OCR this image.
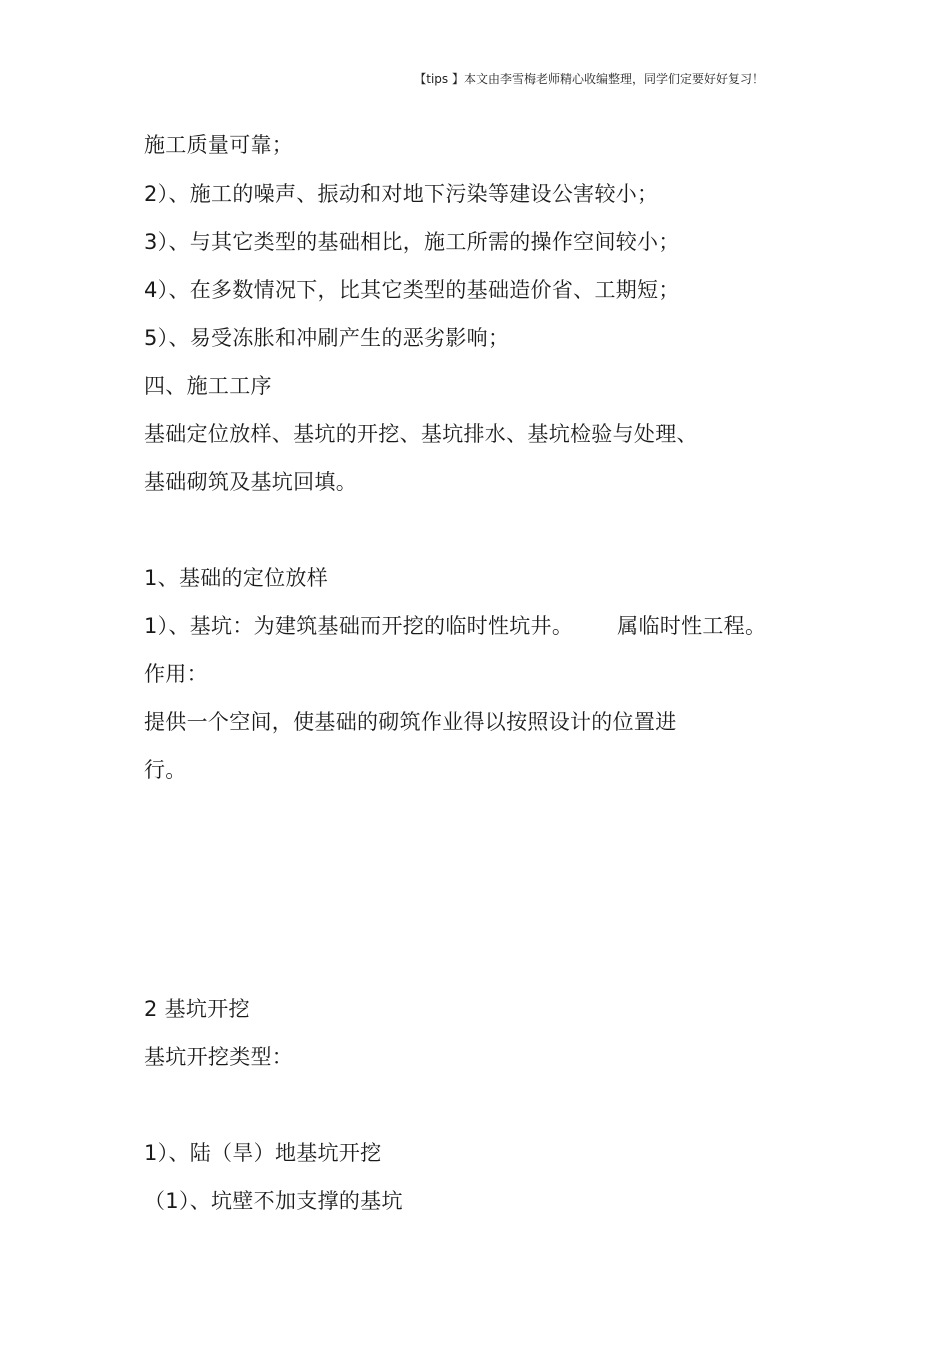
【tips 】本文由李雪梅老师精心收编整理，同学们定要好好复习！
施工质量可靠；
2）、施工的噪声、振动和对地下污染等建设公害较小；
3）、与其它类型的基础相比，施工所需的操作空间较小；
4）、在多数情况下，比其它类型的基础造价省、工期短；
5）、易受冻胀和冲刷产生的恶劣影响；
四、施工工序
基础定位放样、基坑的开挖、基坑排水、基坑检验与处理、
基础砌筑及基坑回填。
1、基础的定位放样
1）、基坑：为建筑基础而开挖的临时性坑井。 属临时性工程。
作用：
提供一个空间，使基础的砌筑作业得以按照设计的位置进
行。
2 基坑开挖
基坑开挖类型：
1）、陆（旱）地基坑开挖
（1）、坑壁不加支撑的基坑
